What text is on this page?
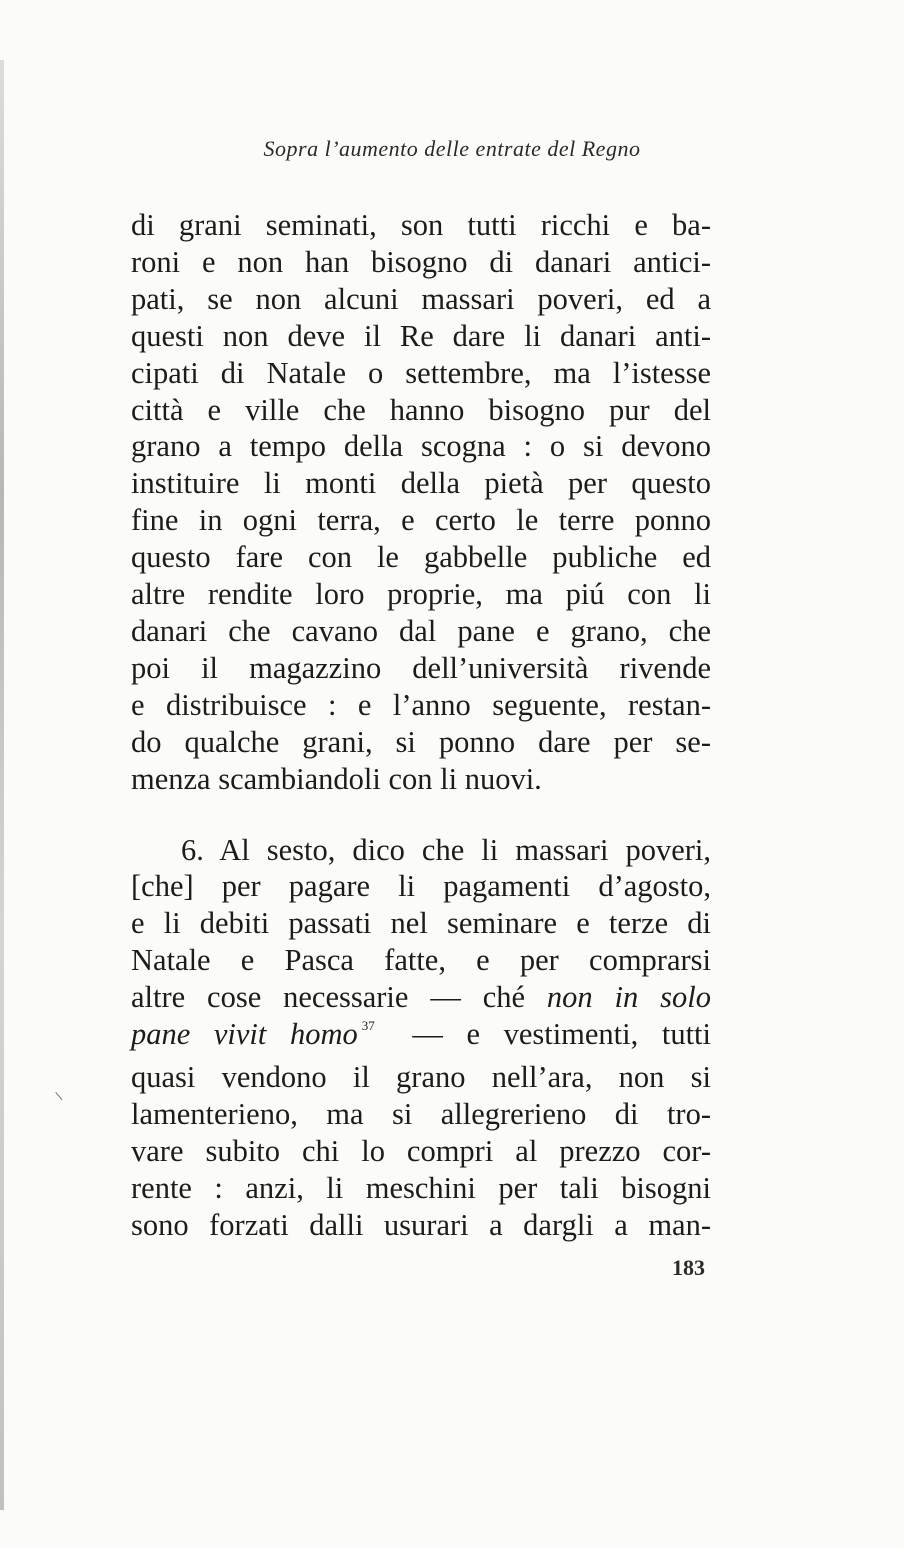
Sopra l’aumento delle entrate del Regno
di grani seminati, son tutti ricchi e ba-
roni e non han bisogno di danari antici-
pati, se non alcuni massari poveri, ed a
questi non deve il Re dare li danari anti-
cipati di Natale o settembre, ma l’istesse
città e ville che hanno bisogno pur del
grano a tempo della scogna : o si devono
instituire li monti della pietà per questo
fine in ogni terra, e certo le terre ponno
questo fare con le gabbelle publiche ed
altre rendite loro proprie, ma piú con li
danari che cavano dal pane e grano, che
poi il magazzino dell’università rivende
e distribuisce : e l’anno seguente, restan-
do qualche grani, si ponno dare per se-
menza scambiandoli con li nuovi.
6. Al sesto, dico che li massari poveri,
[che] per pagare li pagamenti d’agosto,
e li debiti passati nel seminare e terze di
Natale e Pasca fatte, e per comprarsi
altre cose necessarie — ché non in solo
pane vivit homo $^{37}$ — e vestimenti, tutti
quasi vendono il grano nell’ara, non si
lamenterieno, ma si allegrerieno di tro-
vare subito chi lo compri al prezzo cor-
rente : anzi, li meschini per tali bisogni
sono forzati dalli usurari a dargli a man-
183
